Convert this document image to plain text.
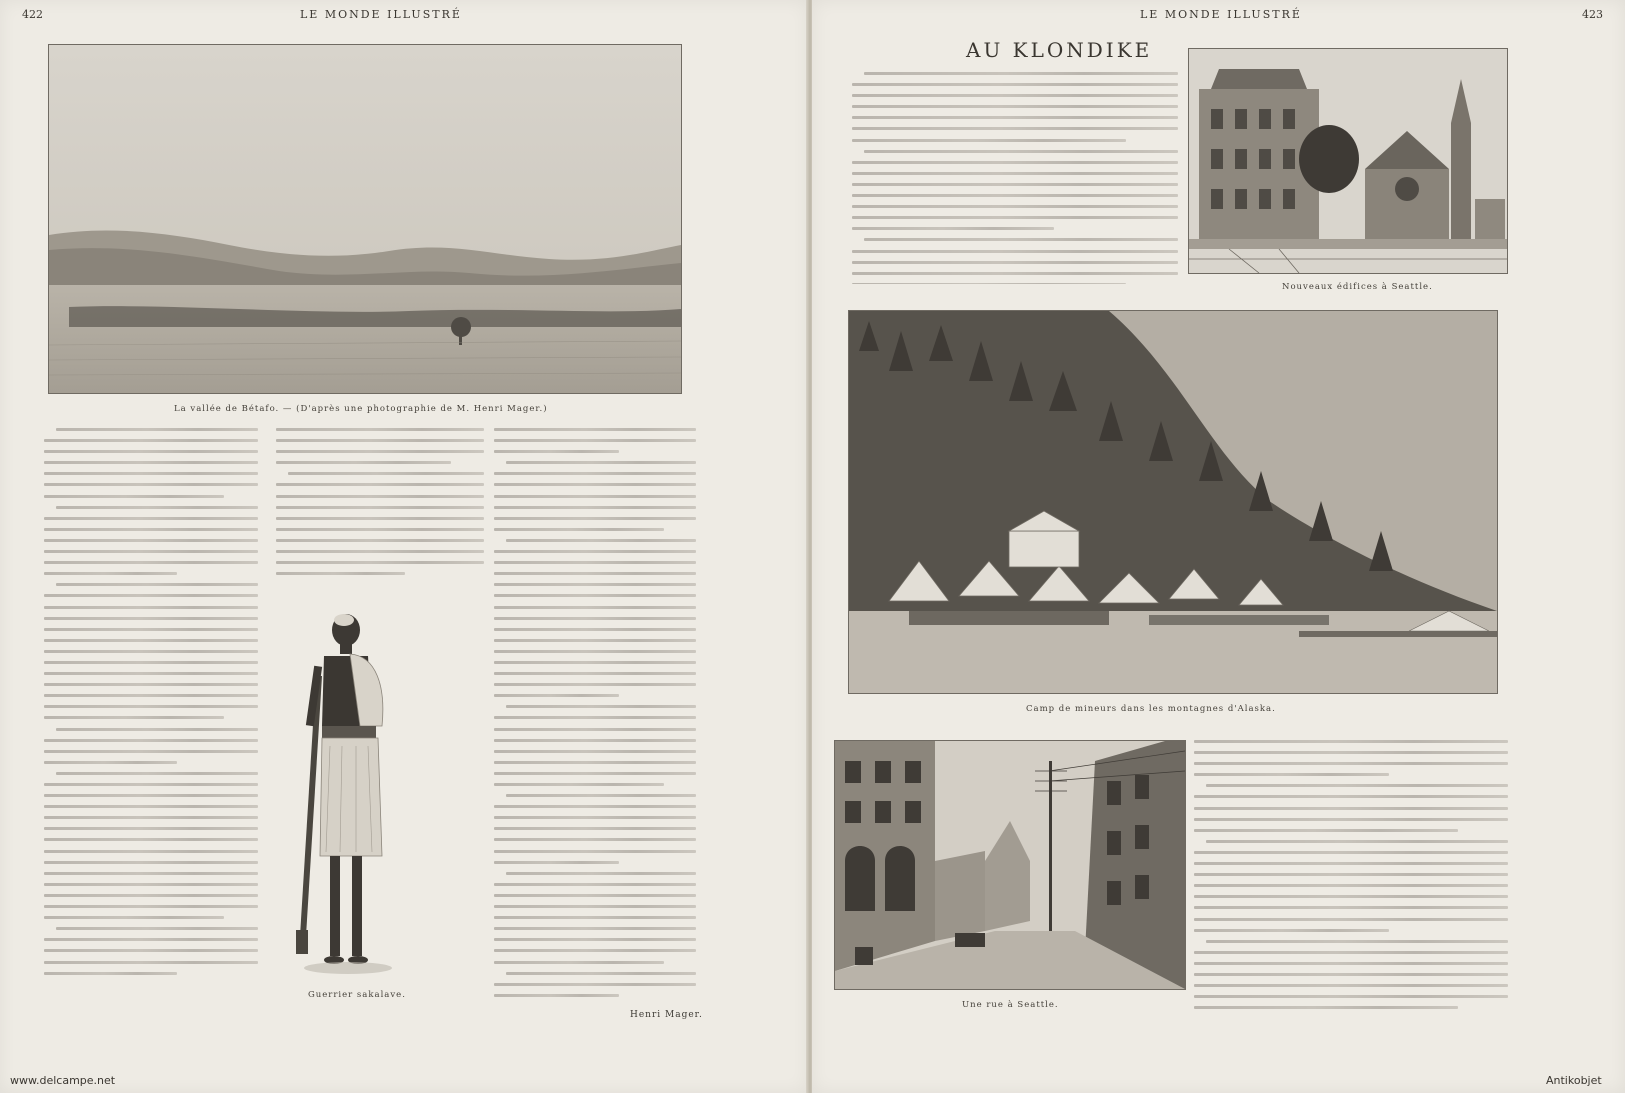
422	LE MONDE ILLUSTRÉ
La vallée de Bétafo. — (D'après une photographie de M. Henri Mager.)
Guerrier sakalave.
Henri Mager.
LE MONDE ILLUSTRÉ	423
AU KLONDIKE
Nouveaux édifices à Seattle.
Camp de mineurs dans les montagnes d'Alaska.
Une rue à Seattle.
www.delcampe.net	Antikobjet
